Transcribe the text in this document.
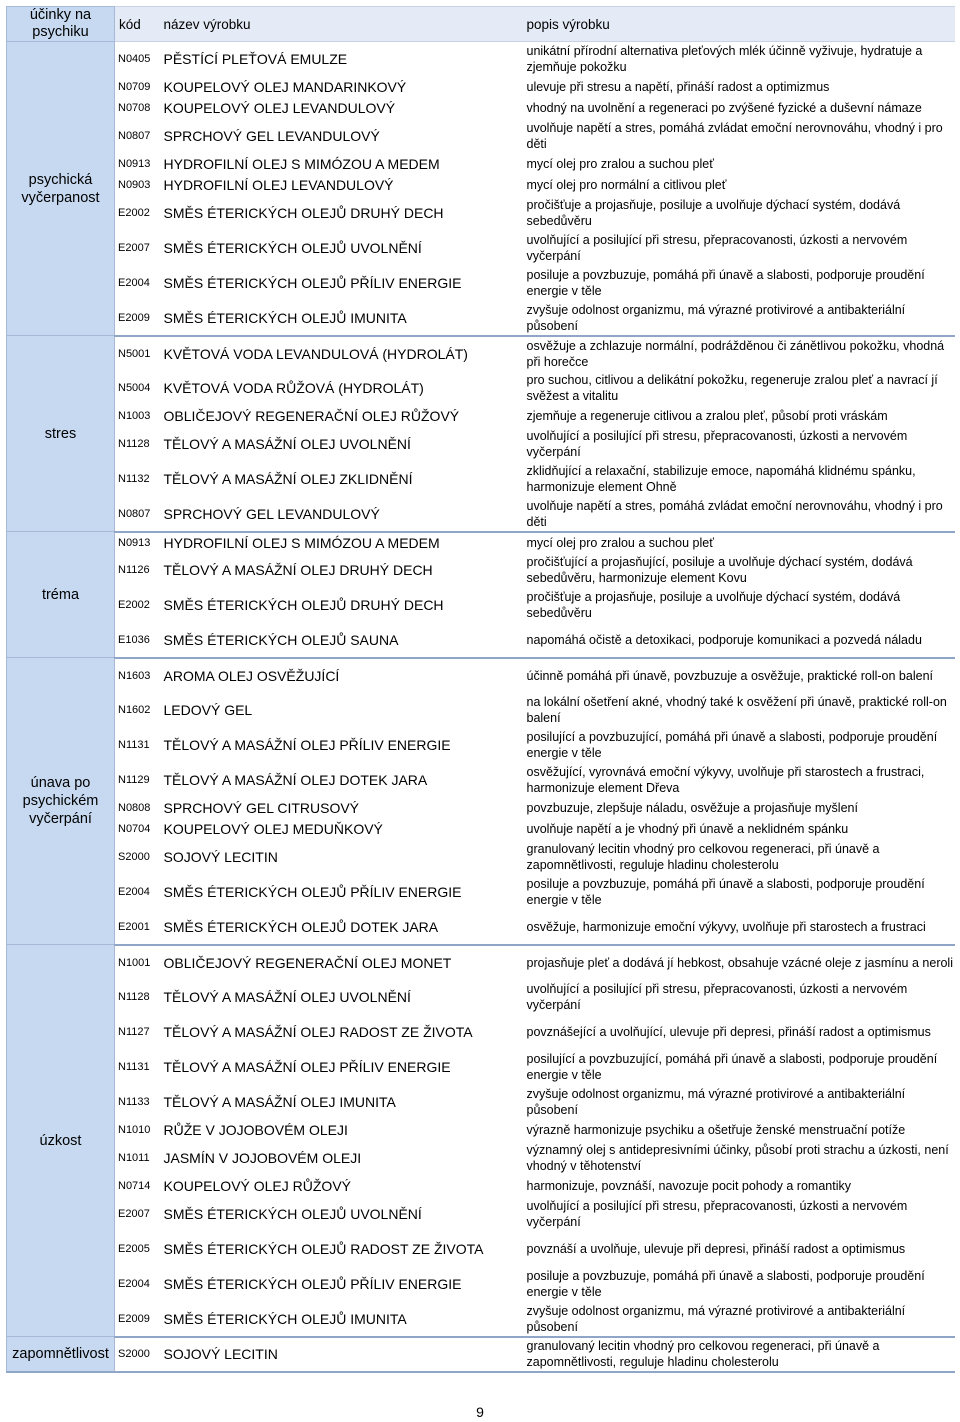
účinky na psychiku	kód	název výrobku	popis výrobku
psychická vyčerpanost	N0405	PĚSTÍCÍ PLEŤOVÁ EMULZE	unikátní přírodní alternativa pleťových mlék účinně vyživuje, hydratuje a zjemňuje pokožku
	N0709	KOUPELOVÝ OLEJ MANDARINKOVÝ	ulevuje při stresu a napětí, přináší radost a optimizmus
	N0708	KOUPELOVÝ OLEJ LEVANDULOVÝ	vhodný na uvolnění a regeneraci po zvýšené fyzické a duševní námaze
	N0807	SPRCHOVÝ GEL LEVANDULOVÝ	uvolňuje napětí a stres, pomáhá zvládat emoční nerovnováhu, vhodný i pro děti
	N0913	HYDROFILNÍ OLEJ S MIMÓZOU A MEDEM	mycí olej pro zralou a suchou pleť
	N0903	HYDROFILNÍ OLEJ LEVANDULOVÝ	mycí olej pro normální a citlivou pleť
	E2002	SMĚS ÉTERICKÝCH OLEJŮ DRUHÝ DECH	pročišťuje a projasňuje, posiluje a uvolňuje dýchací systém, dodává sebedůvěru
	E2007	SMĚS ÉTERICKÝCH OLEJŮ UVOLNĚNÍ	uvolňující a posilující při stresu, přepracovanosti, úzkosti a nervovém vyčerpání
	E2004	SMĚS ÉTERICKÝCH OLEJŮ PŘÍLIV ENERGIE	posiluje a povzbuzuje, pomáhá při únavě a slabosti, podporuje proudění energie v těle
	E2009	SMĚS ÉTERICKÝCH OLEJŮ IMUNITA	zvyšuje odolnost organizmu, má výrazné protivirové a antibakteriální působení
stres	N5001	KVĚTOVÁ VODA LEVANDULOVÁ (HYDROLÁT)	osvěžuje a zchlazuje normální, podrážděnou či zánětlivou pokožku, vhodná při horečce
	N5004	KVĚTOVÁ VODA RŮŽOVÁ (HYDROLÁT)	pro suchou, citlivou a delikátní pokožku, regeneruje zralou pleť a navrací jí svěžest a vitalitu
	N1003	OBLIČEJOVÝ REGENERAČNÍ OLEJ RŮŽOVÝ	zjemňuje a regeneruje citlivou a zralou pleť, působí proti vráskám
	N1128	TĚLOVÝ A MASÁŽNÍ OLEJ UVOLNĚNÍ	uvolňující a posilující při stresu, přepracovanosti, úzkosti a nervovém vyčerpání
	N1132	TĚLOVÝ A MASÁŽNÍ OLEJ ZKLIDNĚNÍ	zklidňující a relaxační, stabilizuje emoce, napomáhá klidnému spánku, harmonizuje element Ohně
	N0807	SPRCHOVÝ GEL LEVANDULOVÝ	uvolňuje napětí a stres, pomáhá zvládat emoční nerovnováhu, vhodný i pro děti
tréma	N0913	HYDROFILNÍ OLEJ S MIMÓZOU A MEDEM	mycí olej pro zralou a suchou pleť
	N1126	TĚLOVÝ A MASÁŽNÍ OLEJ DRUHÝ DECH	pročišťující a projasňující, posiluje a uvolňuje dýchací systém, dodává sebedůvěru, harmonizuje element Kovu
	E2002	SMĚS ÉTERICKÝCH OLEJŮ DRUHÝ DECH	pročišťuje a projasňuje, posiluje a uvolňuje dýchací systém, dodává sebedůvěru
	E1036	SMĚS ÉTERICKÝCH OLEJŮ SAUNA	napomáhá očistě a detoxikaci, podporuje komunikaci a pozvedá náladu
únava po psychickém vyčerpání	N1603	AROMA OLEJ OSVĚŽUJÍCÍ	účinně pomáhá při únavě, povzbuzuje a osvěžuje, praktické roll-on balení
	N1602	LEDOVÝ GEL	na lokální ošetření akné, vhodný také k osvěžení při únavě, praktické roll-on balení
	N1131	TĚLOVÝ A MASÁŽNÍ OLEJ PŘÍLIV ENERGIE	posilující a povzbuzující, pomáhá při únavě a slabosti, podporuje proudění energie v těle
	N1129	TĚLOVÝ A MASÁŽNÍ OLEJ DOTEK JARA	osvěžující, vyrovnává emoční výkyvy, uvolňuje při starostech a frustraci, harmonizuje element Dřeva
	N0808	SPRCHOVÝ GEL CITRUSOVÝ	povzbuzuje, zlepšuje náladu, osvěžuje a projasňuje myšlení
	N0704	KOUPELOVÝ OLEJ MEDUŇKOVÝ	uvolňuje napětí a je vhodný při únavě a neklidném spánku
	S2000	SOJOVÝ LECITIN	granulovaný lecitin vhodný pro celkovou regeneraci, při únavě a zapomnětlivosti, reguluje hladinu cholesterolu
	E2004	SMĚS ÉTERICKÝCH OLEJŮ PŘÍLIV ENERGIE	posiluje a povzbuzuje, pomáhá při únavě a slabosti, podporuje proudění energie v těle
	E2001	SMĚS ÉTERICKÝCH OLEJŮ DOTEK JARA	osvěžuje, harmonizuje emoční výkyvy, uvolňuje při starostech a frustraci
úzkost	N1001	OBLIČEJOVÝ REGENERAČNÍ OLEJ MONET	projasňuje pleť a dodává jí hebkost, obsahuje vzácné oleje z jasmínu a neroli
	N1128	TĚLOVÝ A MASÁŽNÍ OLEJ UVOLNĚNÍ	uvolňující a posilující při stresu, přepracovanosti, úzkosti a nervovém vyčerpání
	N1127	TĚLOVÝ A MASÁŽNÍ OLEJ RADOST ZE ŽIVOTA	povznášející a uvolňující, ulevuje při depresi, přináší radost a optimismus
	N1131	TĚLOVÝ A MASÁŽNÍ OLEJ PŘÍLIV ENERGIE	posilující a povzbuzující, pomáhá při únavě a slabosti, podporuje proudění energie v těle
	N1133	TĚLOVÝ A MASÁŽNÍ OLEJ IMUNITA	zvyšuje odolnost organizmu, má výrazné protivirové a antibakteriální působení
	N1010	RŮŽE V JOJOBOVÉM OLEJI	výrazně harmonizuje psychiku a ošetřuje ženské menstruační potíže
	N1011	JASMÍN V JOJOBOVÉM OLEJI	významný olej s antidepresivními účinky, působí proti strachu a úzkosti, není vhodný v těhotenství
	N0714	KOUPELOVÝ OLEJ RŮŽOVÝ	harmonizuje, povznáší, navozuje pocit pohody a romantiky
	E2007	SMĚS ÉTERICKÝCH OLEJŮ UVOLNĚNÍ	uvolňující a posilující při stresu, přepracovanosti, úzkosti a nervovém vyčerpání
	E2005	SMĚS ÉTERICKÝCH OLEJŮ RADOST ZE ŽIVOTA	povznáší a uvolňuje, ulevuje při depresi, přináší radost a optimismus
	E2004	SMĚS ÉTERICKÝCH OLEJŮ PŘÍLIV ENERGIE	posiluje a povzbuzuje, pomáhá při únavě a slabosti, podporuje proudění energie v těle
	E2009	SMĚS ÉTERICKÝCH OLEJŮ IMUNITA	zvyšuje odolnost organizmu, má výrazné protivirové a antibakteriální působení
zapomnětlivost	S2000	SOJOVÝ LECITIN	granulovaný lecitin vhodný pro celkovou regeneraci, při únavě a zapomnětlivosti, reguluje hladinu cholesterolu
9
